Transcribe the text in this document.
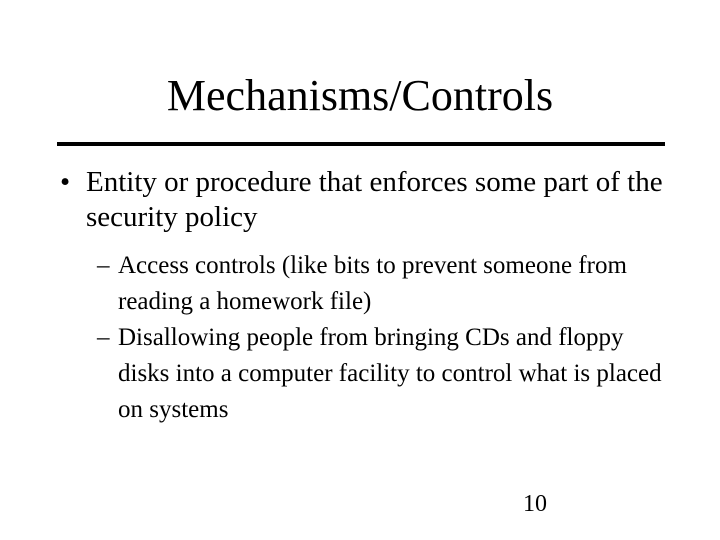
Mechanisms/Controls
• Entity or procedure that enforces some part of the security policy
– Access controls (like bits to prevent someone from reading a homework file)
– Disallowing people from bringing CDs and floppy disks into a computer facility to control what is placed on systems
10
